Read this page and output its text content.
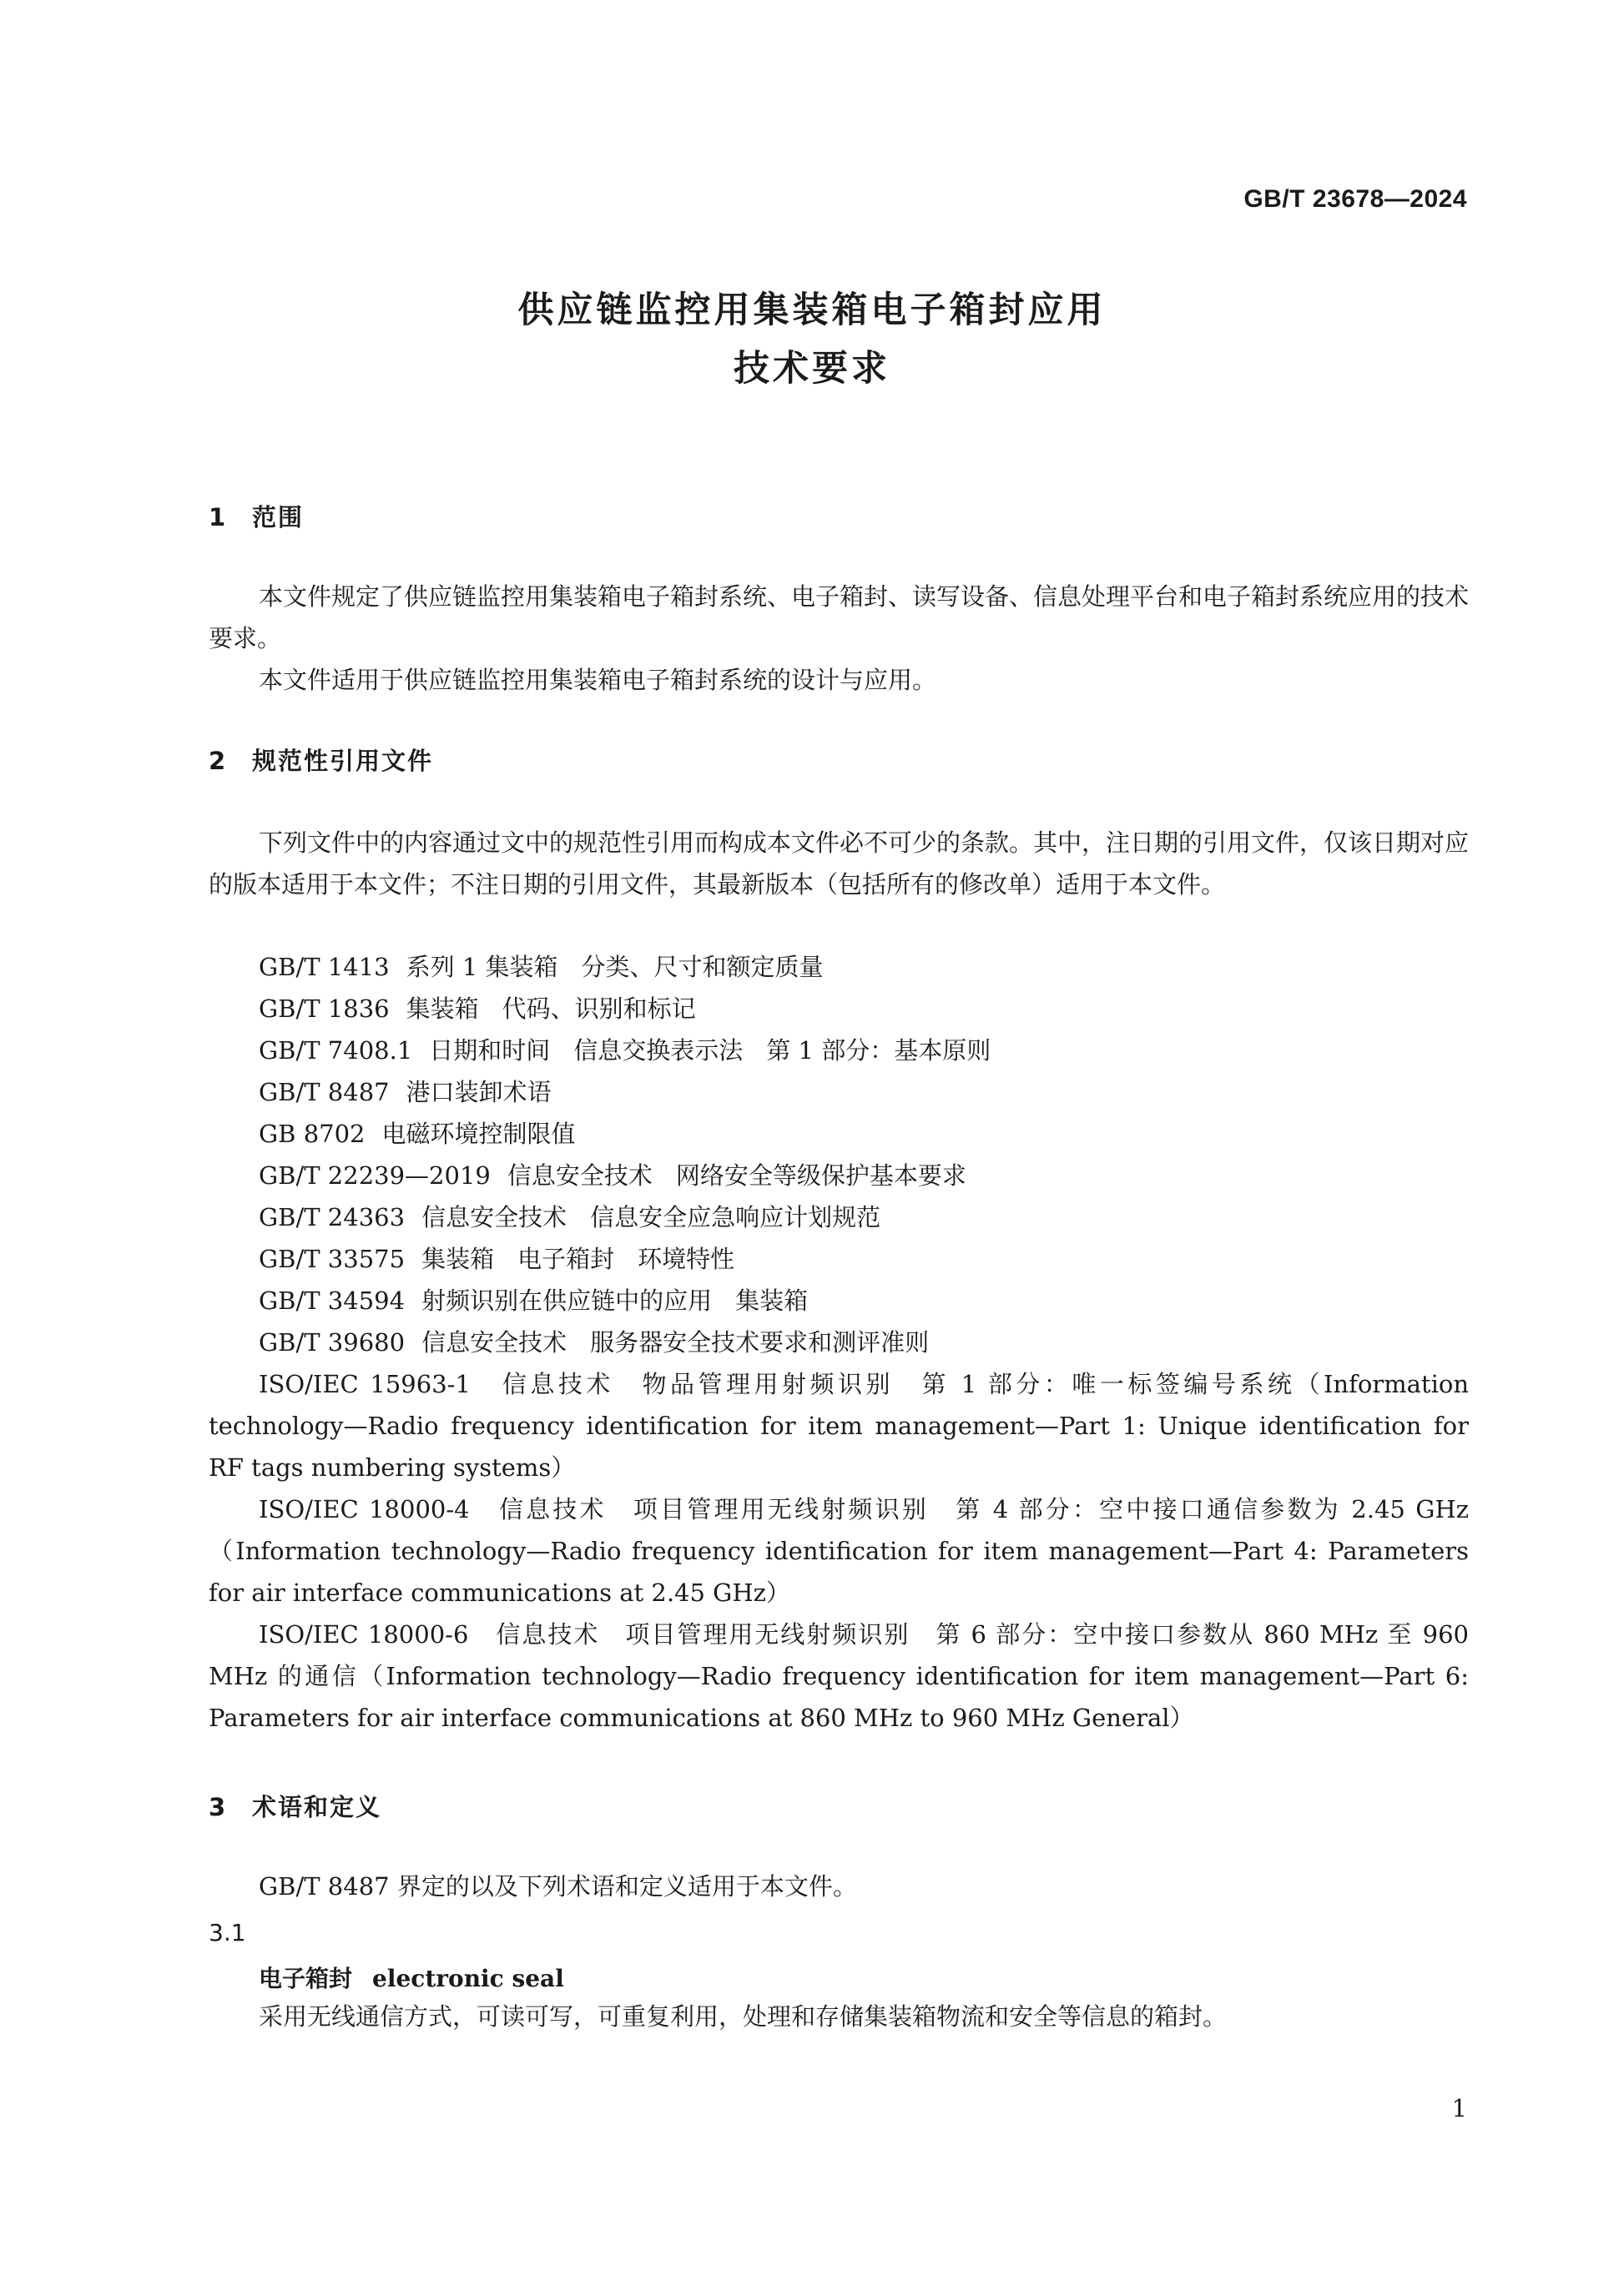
GB/T 23678—2024
供应链监控用集装箱电子箱封应用
技术要求
1 范围
本文件规定了供应链监控用集装箱电子箱封系统、电子箱封、读写设备、信息处理平台和电子箱封系统应用的技术要求。
本文件适用于供应链监控用集装箱电子箱封系统的设计与应用。
2 规范性引用文件
下列文件中的内容通过文中的规范性引用而构成本文件必不可少的条款。其中，注日期的引用文件，仅该日期对应的版本适用于本文件；不注日期的引用文件，其最新版本（包括所有的修改单）适用于本文件。
GB/T 1413 系列 1 集装箱 分类、尺寸和额定质量
GB/T 1836 集装箱 代码、识别和标记
GB/T 7408.1 日期和时间 信息交换表示法 第 1 部分：基本原则
GB/T 8487 港口装卸术语
GB 8702 电磁环境控制限值
GB/T 22239—2019 信息安全技术 网络安全等级保护基本要求
GB/T 24363 信息安全技术 信息安全应急响应计划规范
GB/T 33575 集装箱 电子箱封 环境特性
GB/T 34594 射频识别在供应链中的应用 集装箱
GB/T 39680 信息安全技术 服务器安全技术要求和测评准则
ISO/IEC 15963-1　信息技术　物品管理用射频识别　第 1 部分：唯一标签编号系统（Information technology—Radio frequency identification for item management—Part 1: Unique identification for RF tags numbering systems）
ISO/IEC 18000-4　信息技术　项目管理用无线射频识别　第 4 部分：空中接口通信参数为 2.45 GHz（Information technology—Radio frequency identification for item management—Part 4: Parameters for air interface communications at 2.45 GHz）
ISO/IEC 18000-6　信息技术　项目管理用无线射频识别　第 6 部分：空中接口参数从 860 MHz 至 960 MHz 的通信（Information technology—Radio frequency identification for item management—Part 6: Parameters for air interface communications at 860 MHz to 960 MHz General）
3 术语和定义
GB/T 8487 界定的以及下列术语和定义适用于本文件。
3.1
电子箱封 electronic seal
采用无线通信方式，可读可写，可重复利用，处理和存储集装箱物流和安全等信息的箱封。
1
